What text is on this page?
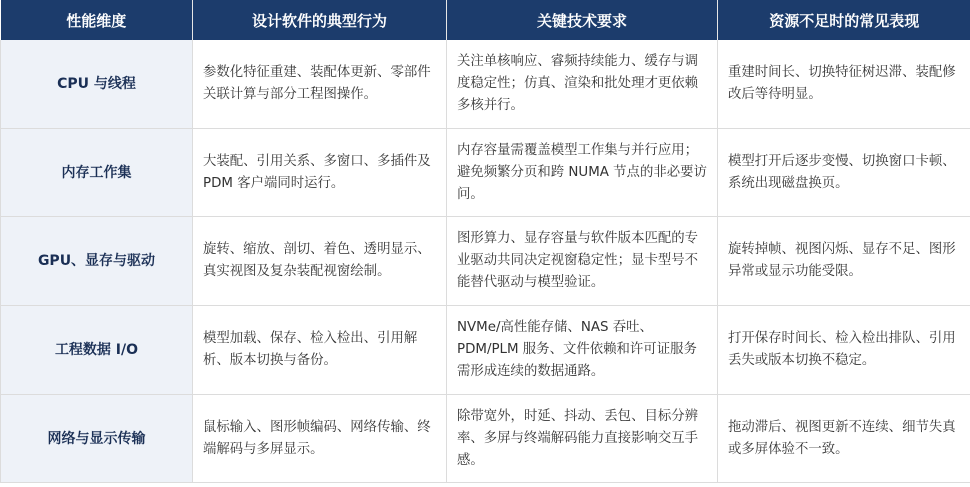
性能维度	设计软件的典型行为	关键技术要求	资源不足时的常见表现
CPU 与线程	参数化特征重建、装配体更新、零部件关联计算与部分工程图操作。	关注单核响应、睿频持续能力、缓存与调度稳定性；仿真、渲染和批处理才更依赖多核并行。	重建时间长、切换特征树迟滞、装配修改后等待明显。
内存工作集	大装配、引用关系、多窗口、多插件及 PDM 客户端同时运行。	内存容量需覆盖模型工作集与并行应用；避免频繁分页和跨 NUMA 节点的非必要访问。	模型打开后逐步变慢、切换窗口卡顿、系统出现磁盘换页。
GPU、显存与驱动	旋转、缩放、剖切、着色、透明显示、真实视图及复杂装配视窗绘制。	图形算力、显存容量与软件版本匹配的专业驱动共同决定视窗稳定性；显卡型号不能替代驱动与模型验证。	旋转掉帧、视图闪烁、显存不足、图形异常或显示功能受限。
工程数据 I/O	模型加载、保存、检入检出、引用解析、版本切换与备份。	NVMe/高性能存储、NAS 吞吐、PDM/PLM 服务、文件依赖和许可证服务需形成连续的数据通路。	打开保存时间长、检入检出排队、引用丢失或版本切换不稳定。
网络与显示传输	鼠标输入、图形帧编码、网络传输、终端解码与多屏显示。	除带宽外，时延、抖动、丢包、目标分辨率、多屏与终端解码能力直接影响交互手感。	拖动滞后、视图更新不连续、细节失真或多屏体验不一致。
